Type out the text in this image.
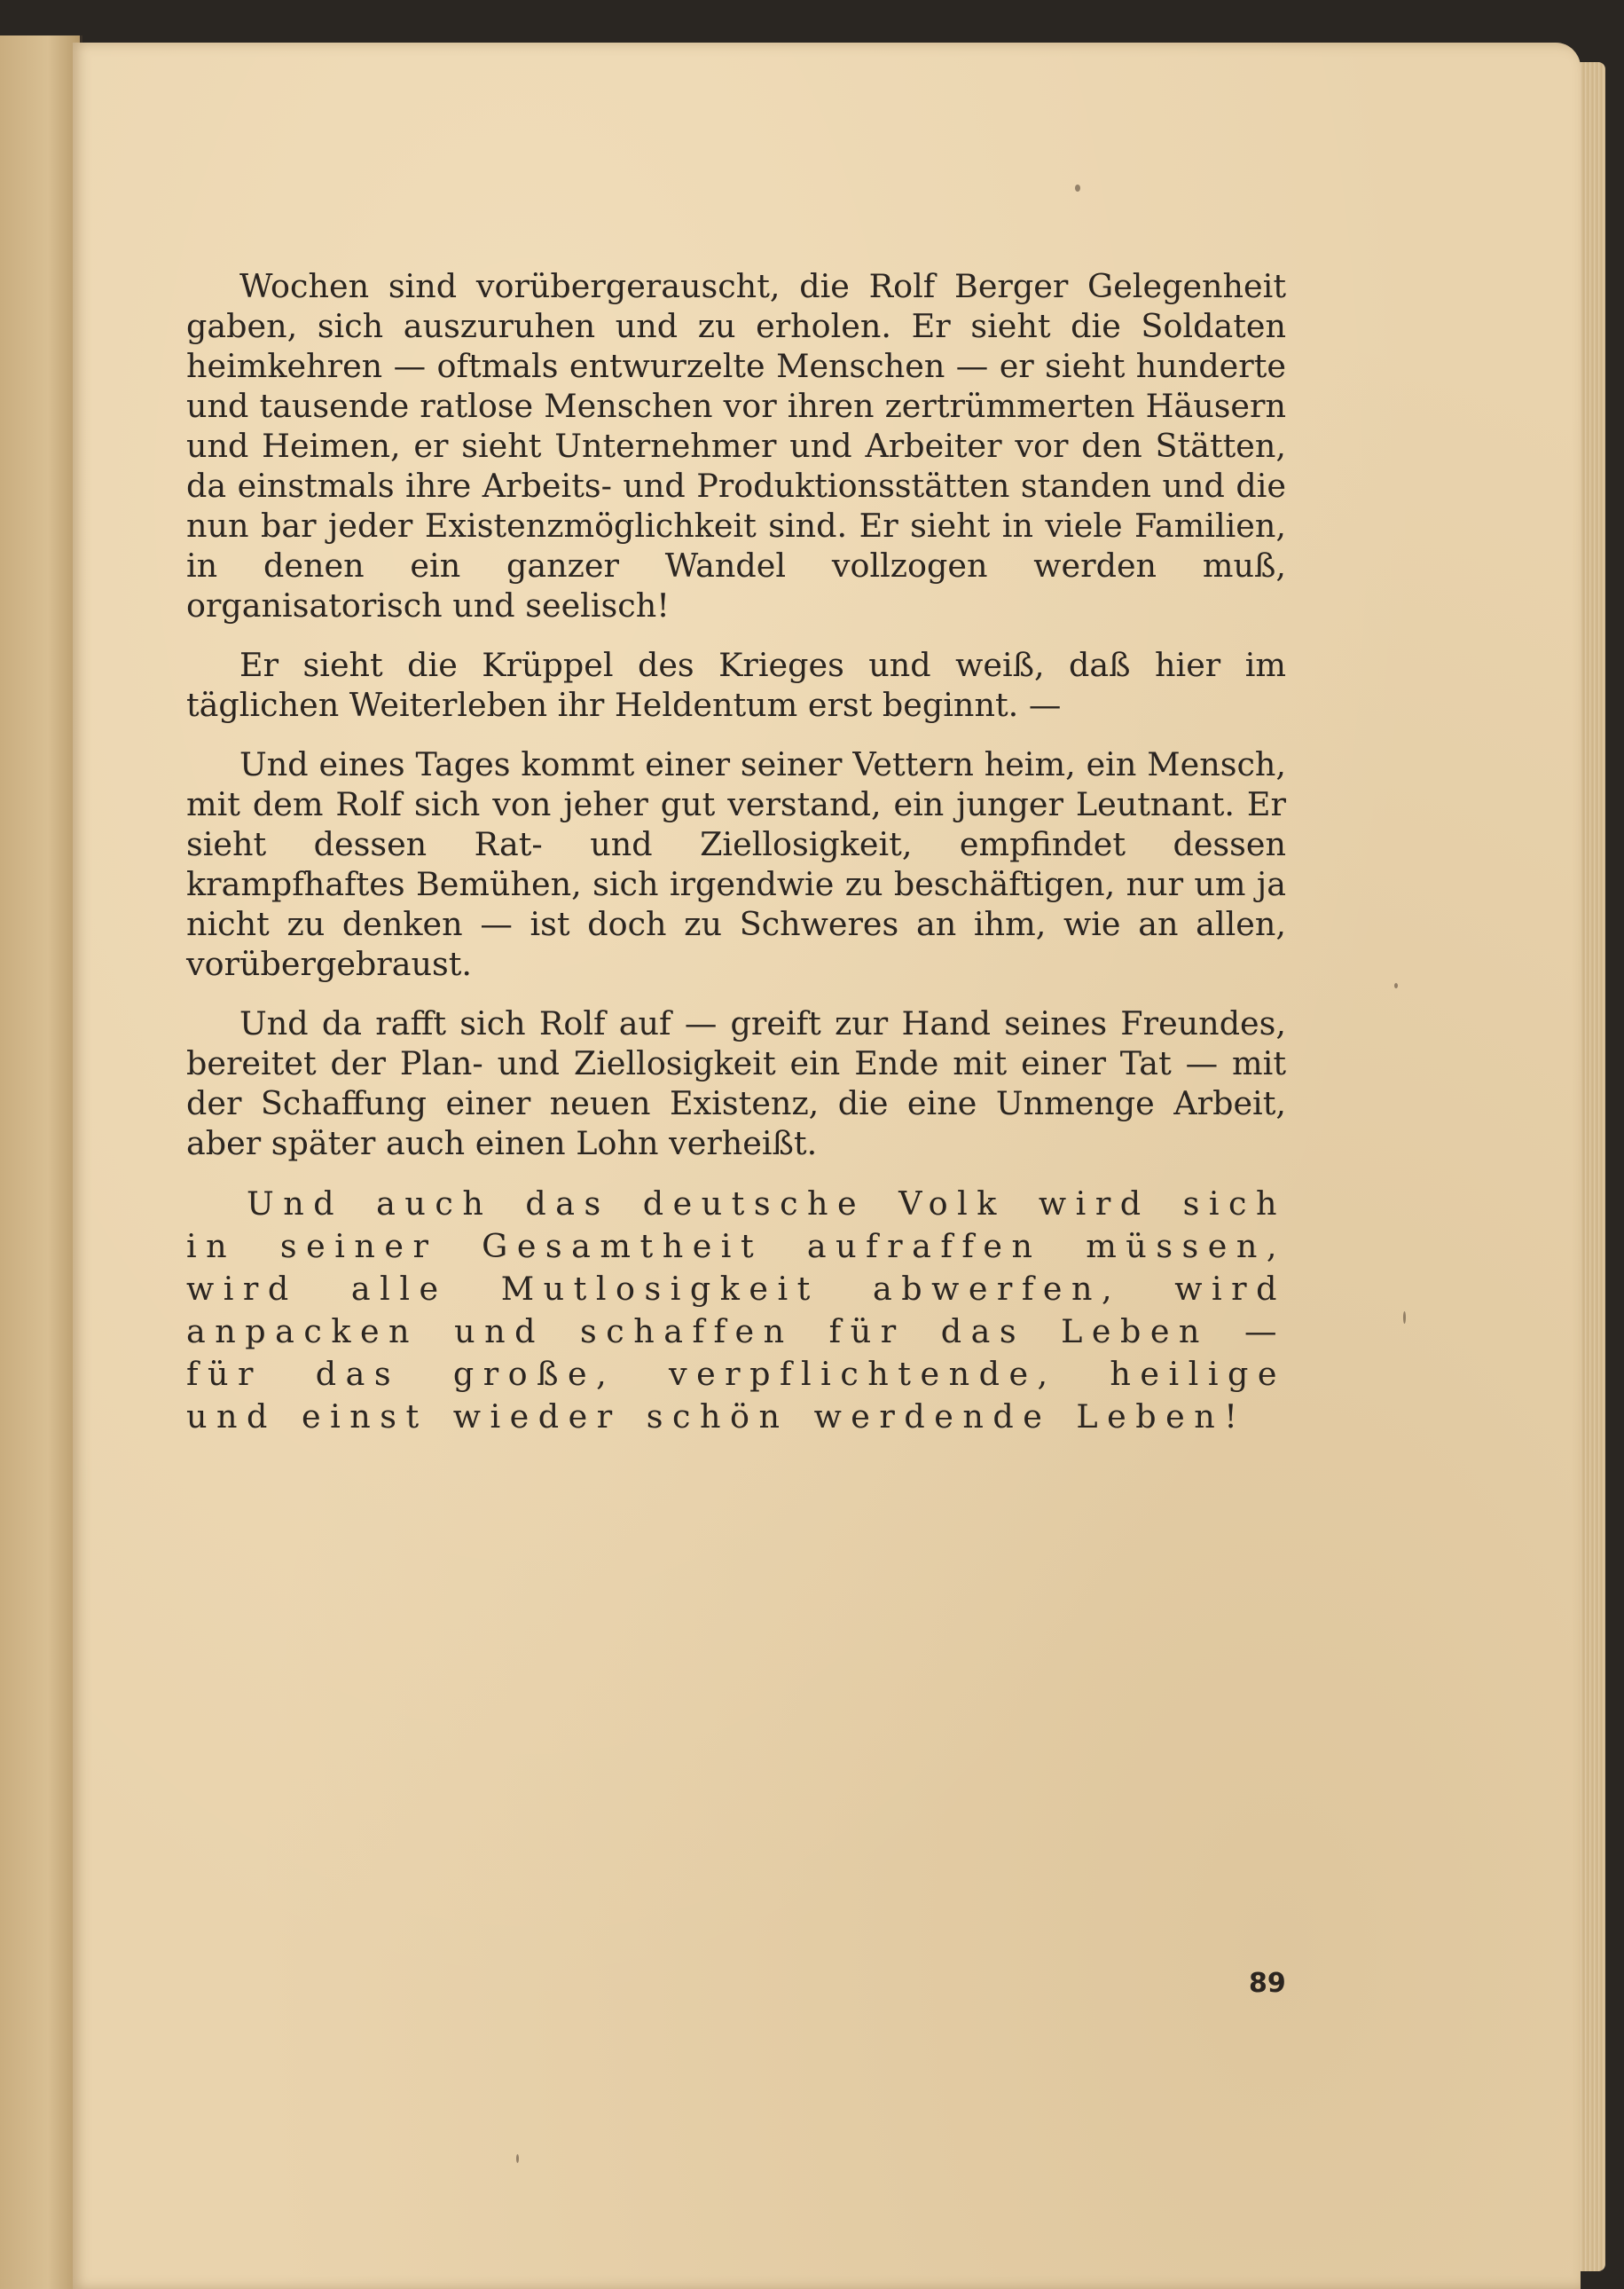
Wochen sind vorübergerauscht, die Rolf Berger Gelegenheit gaben, sich auszuruhen und zu erholen. Er sieht die Soldaten heimkehren — oftmals entwurzelte Menschen — er sieht hunderte und tausende ratlose Menschen vor ihren zertrümmerten Häusern und Heimen, er sieht Unternehmer und Arbeiter vor den Stätten, da einstmals ihre Arbeits- und Produktionsstätten standen und die nun bar jeder Existenzmöglichkeit sind. Er sieht in viele Familien, in denen ein ganzer Wandel vollzogen werden muß, organisatorisch und seelisch!

Er sieht die Krüppel des Krieges und weiß, daß hier im täglichen Weiterleben ihr Heldentum erst beginnt. —

Und eines Tages kommt einer seiner Vettern heim, ein Mensch, mit dem Rolf sich von jeher gut verstand, ein junger Leutnant. Er sieht dessen Rat- und Ziellosigkeit, empfindet dessen krampfhaftes Bemühen, sich irgendwie zu beschäftigen, nur um ja nicht zu denken — ist doch zu Schweres an ihm, wie an allen, vorübergebraust.

Und da rafft sich Rolf auf — greift zur Hand seines Freundes, bereitet der Plan- und Ziellosigkeit ein Ende mit einer Tat — mit der Schaffung einer neuen Existenz, die eine Unmenge Arbeit, aber später auch einen Lohn verheißt.

Und auch das deutsche Volk wird sich in seiner Gesamtheit aufraffen müssen, wird alle Mutlosigkeit abwerfen, wird anpacken und schaffen für das Leben — für das große, verpflichtende, heilige und einst wieder schön werdende Leben!

89
